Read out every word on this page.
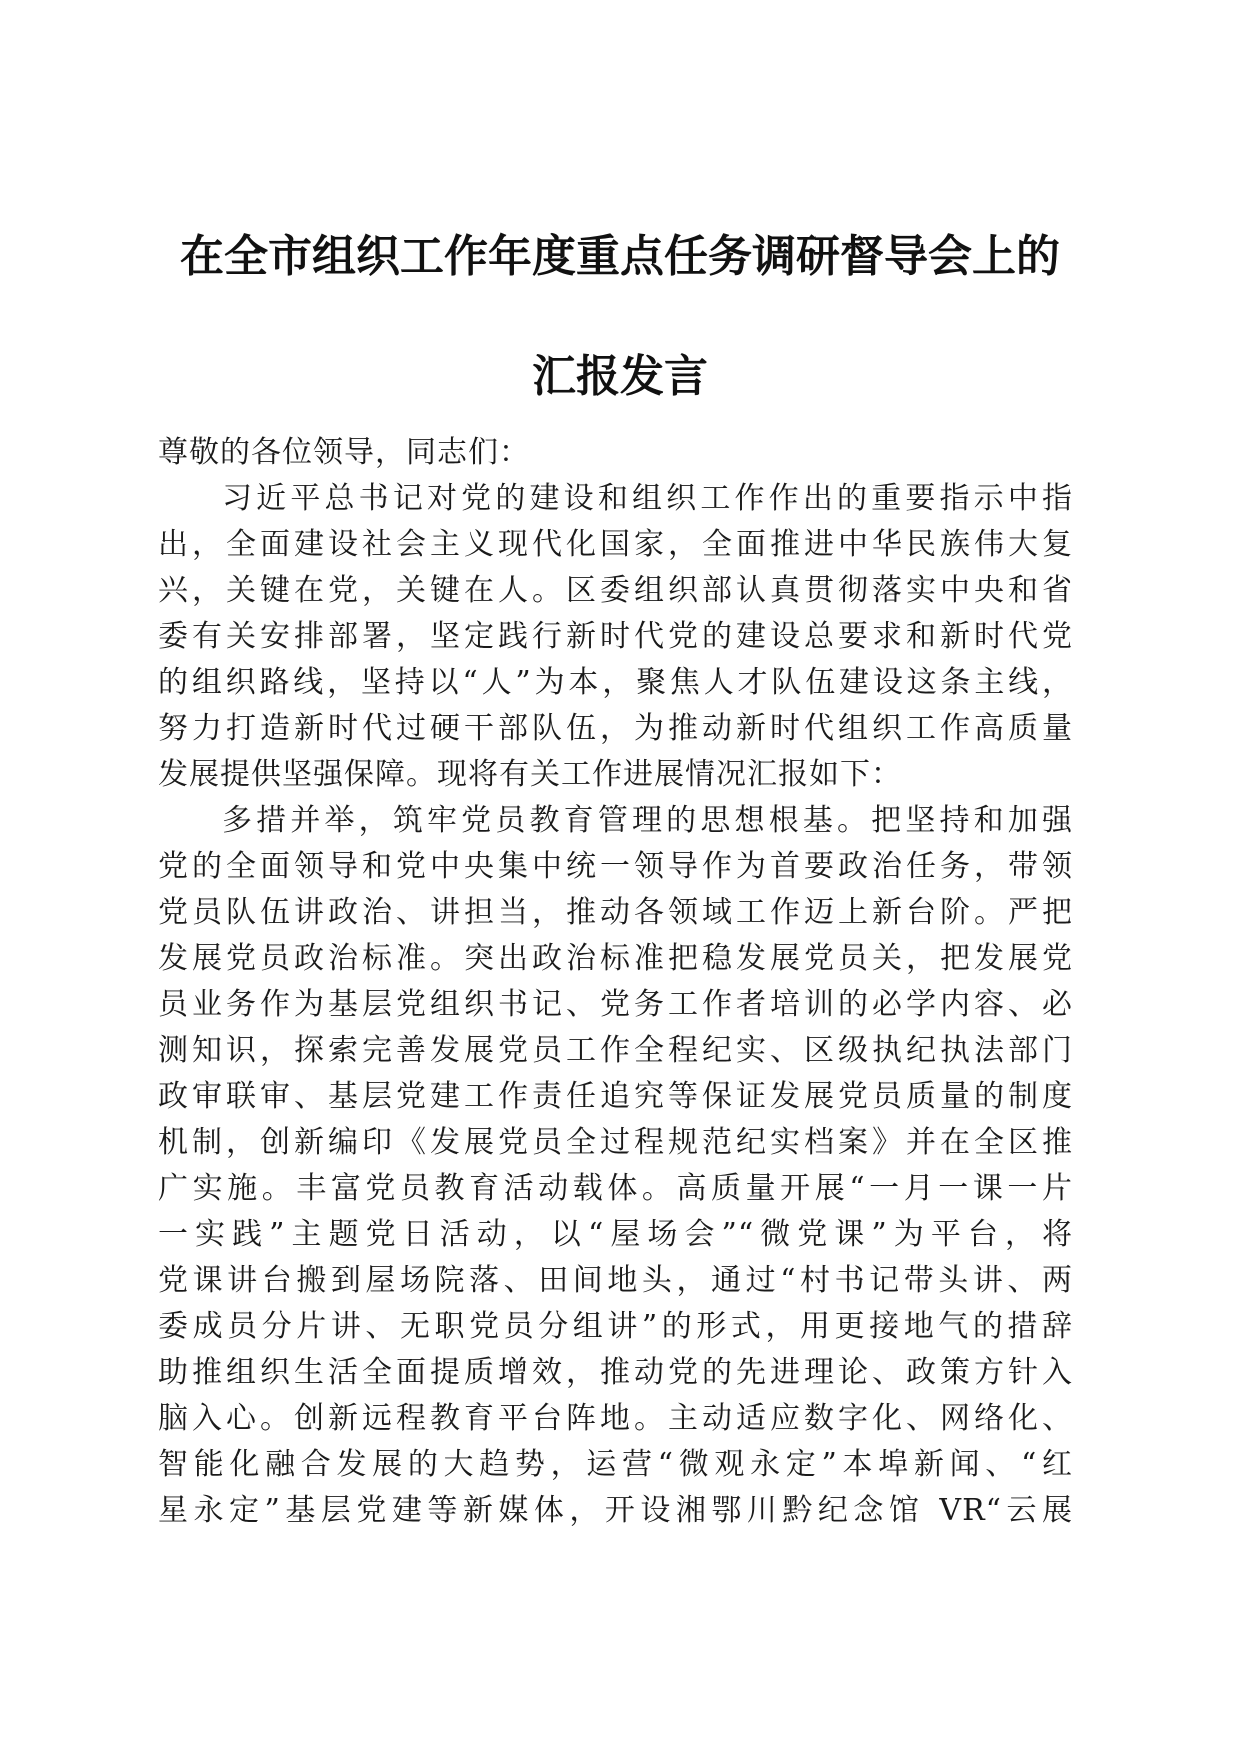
在全市组织工作年度重点任务调研督导会上的
汇报发言
尊敬的各位领导，同志们：
习近平总书记对党的建设和组织工作作出的重要指示中指
出，全面建设社会主义现代化国家，全面推进中华民族伟大复
兴，关键在党，关键在人。区委组织部认真贯彻落实中央和省
委有关安排部署，坚定践行新时代党的建设总要求和新时代党
的组织路线，坚持以“人”为本，聚焦人才队伍建设这条主线，
努力打造新时代过硬干部队伍，为推动新时代组织工作高质量
发展提供坚强保障。现将有关工作进展情况汇报如下：
多措并举，筑牢党员教育管理的思想根基。把坚持和加强
党的全面领导和党中央集中统一领导作为首要政治任务，带领
党员队伍讲政治、讲担当，推动各领域工作迈上新台阶。严把
发展党员政治标准。突出政治标准把稳发展党员关，把发展党
员业务作为基层党组织书记、党务工作者培训的必学内容、必
测知识，探索完善发展党员工作全程纪实、区级执纪执法部门
政审联审、基层党建工作责任追究等保证发展党员质量的制度
机制，创新编印《发展党员全过程规范纪实档案》并在全区推
广实施。丰富党员教育活动载体。高质量开展“一月一课一片
一实践”主题党日活动，以“屋场会”“微党课”为平台，将
党课讲台搬到屋场院落、田间地头，通过“村书记带头讲、两
委成员分片讲、无职党员分组讲”的形式，用更接地气的措辞
助推组织生活全面提质增效，推动党的先进理论、政策方针入
脑入心。创新远程教育平台阵地。主动适应数字化、网络化、
智能化融合发展的大趋势，运营“微观永定”本埠新闻、“红
星永定”基层党建等新媒体，开设湘鄂川黔纪念馆 VR“云展
